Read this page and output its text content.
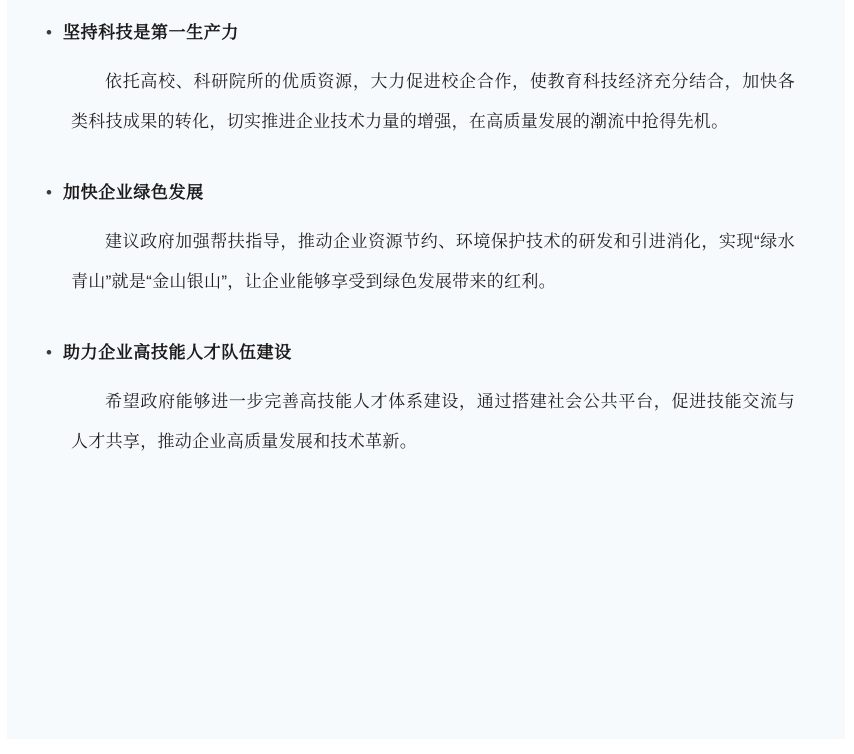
• 坚持科技是第一生产力

依托高校、科研院所的优质资源，大力促进校企合作，使教育科技经济充分结合，加快各类科技成果的转化，切实推进企业技术力量的增强，在高质量发展的潮流中抢得先机。

• 加快企业绿色发展

建议政府加强帮扶指导，推动企业资源节约、环境保护技术的研发和引进消化，实现“绿水青山”就是“金山银山”，让企业能够享受到绿色发展带来的红利。

• 助力企业高技能人才队伍建设

希望政府能够进一步完善高技能人才体系建设，通过搭建社会公共平台，促进技能交流与人才共享，推动企业高质量发展和技术革新。
